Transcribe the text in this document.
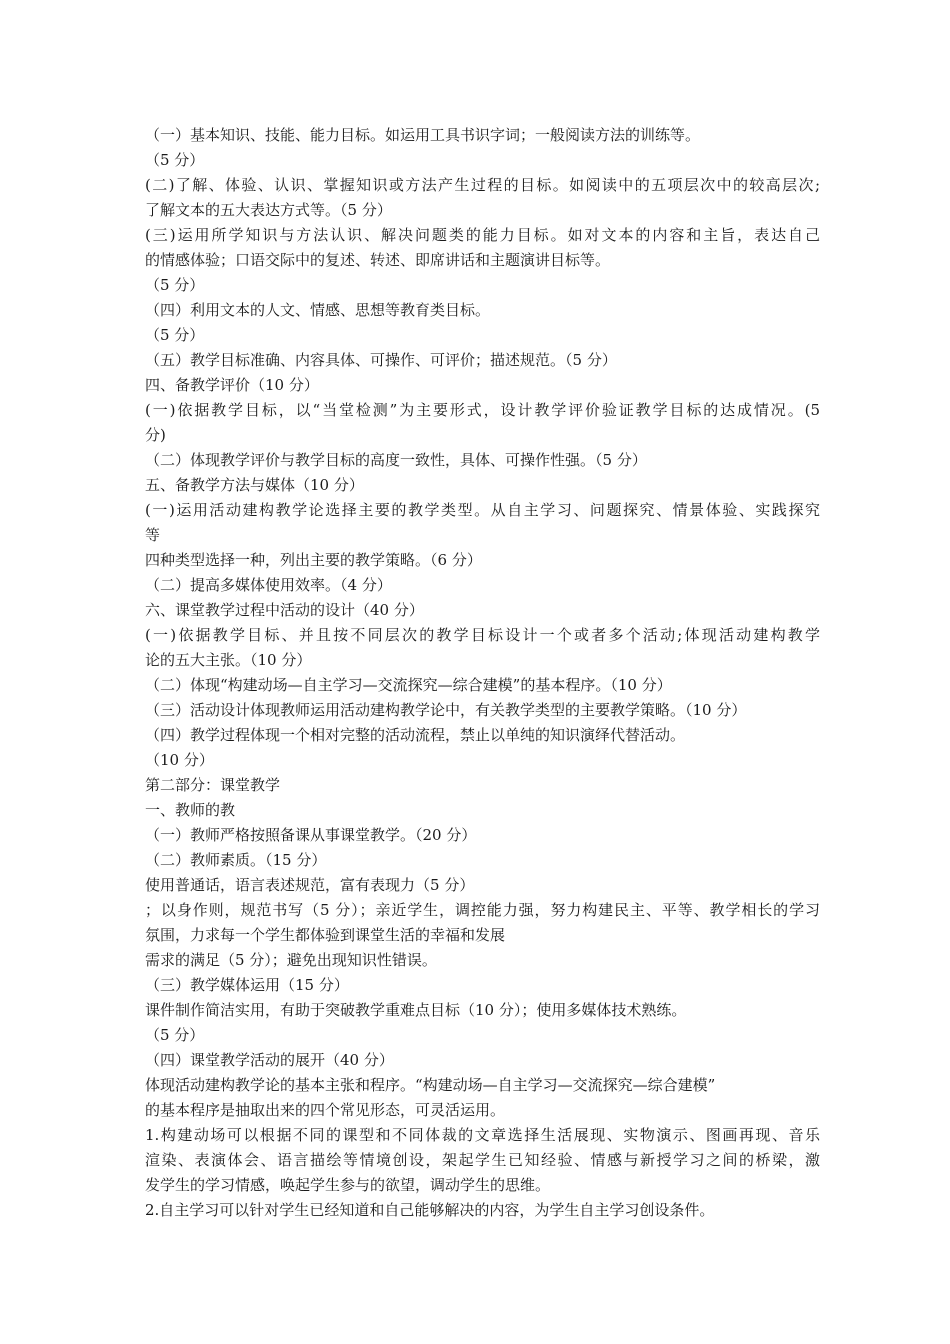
（一）基本知识、技能、能力目标。如运用工具书识字词；一般阅读方法的训练等。
（5 分）
(二)了解、体验、认识、掌握知识或方法产生过程的目标。如阅读中的五项层次中的较高层次;
了解文本的五大表达方式等。（5 分）
(三)运用所学知识与方法认识、解决问题类的能力目标。如对文本的内容和主旨，表达自己
的情感体验；口语交际中的复述、转述、即席讲话和主题演讲目标等。
（5 分）
（四）利用文本的人文、情感、思想等教育类目标。
（5 分）
（五）教学目标准确、内容具体、可操作、可评价；描述规范。（5 分）
四、备教学评价（10 分）
(一)依据教学目标，以“当堂检测”为主要形式，设计教学评价验证教学目标的达成情况。(5
分)
（二）体现教学评价与教学目标的高度一致性，具体、可操作性强。（5 分）
五、备教学方法与媒体（10 分）
(一)运用活动建构教学论选择主要的教学类型。从自主学习、问题探究、情景体验、实践探究
等
四种类型选择一种，列出主要的教学策略。（6 分）
（二）提高多媒体使用效率。（4 分）
六、课堂教学过程中活动的设计（40 分）
(一)依据教学目标、并且按不同层次的教学目标设计一个或者多个活动;体现活动建构教学
论的五大主张。（10 分）
（二）体现“构建动场—自主学习—交流探究—综合建模”的基本程序。（10 分）
（三）活动设计体现教师运用活动建构教学论中，有关教学类型的主要教学策略。（10 分）
（四）教学过程体现一个相对完整的活动流程，禁止以单纯的知识演绎代替活动。
（10 分）
第二部分：课堂教学
一、教师的教
（一）教师严格按照备课从事课堂教学。（20 分）
（二）教师素质。（15 分）
使用普通话，语言表述规范，富有表现力（5 分）
；以身作则，规范书写（5 分）；亲近学生，调控能力强，努力构建民主、平等、教学相长的学习
氛围，力求每一个学生都体验到课堂生活的幸福和发展
需求的满足（5 分）；避免出现知识性错误。
（三）教学媒体运用（15 分）
课件制作简洁实用，有助于突破教学重难点目标（10 分）；使用多媒体技术熟练。
（5 分）
（四）课堂教学活动的展开（40 分）
体现活动建构教学论的基本主张和程序。“构建动场—自主学习—交流探究—综合建模”
的基本程序是抽取出来的四个常见形态，可灵活运用。
1.构建动场可以根据不同的课型和不同体裁的文章选择生活展现、实物演示、图画再现、音乐
渲染、表演体会、语言描绘等情境创设，架起学生已知经验、情感与新授学习之间的桥梁，激
发学生的学习情感，唤起学生参与的欲望，调动学生的思维。
2.自主学习可以针对学生已经知道和自己能够解决的内容，为学生自主学习创设条件。
